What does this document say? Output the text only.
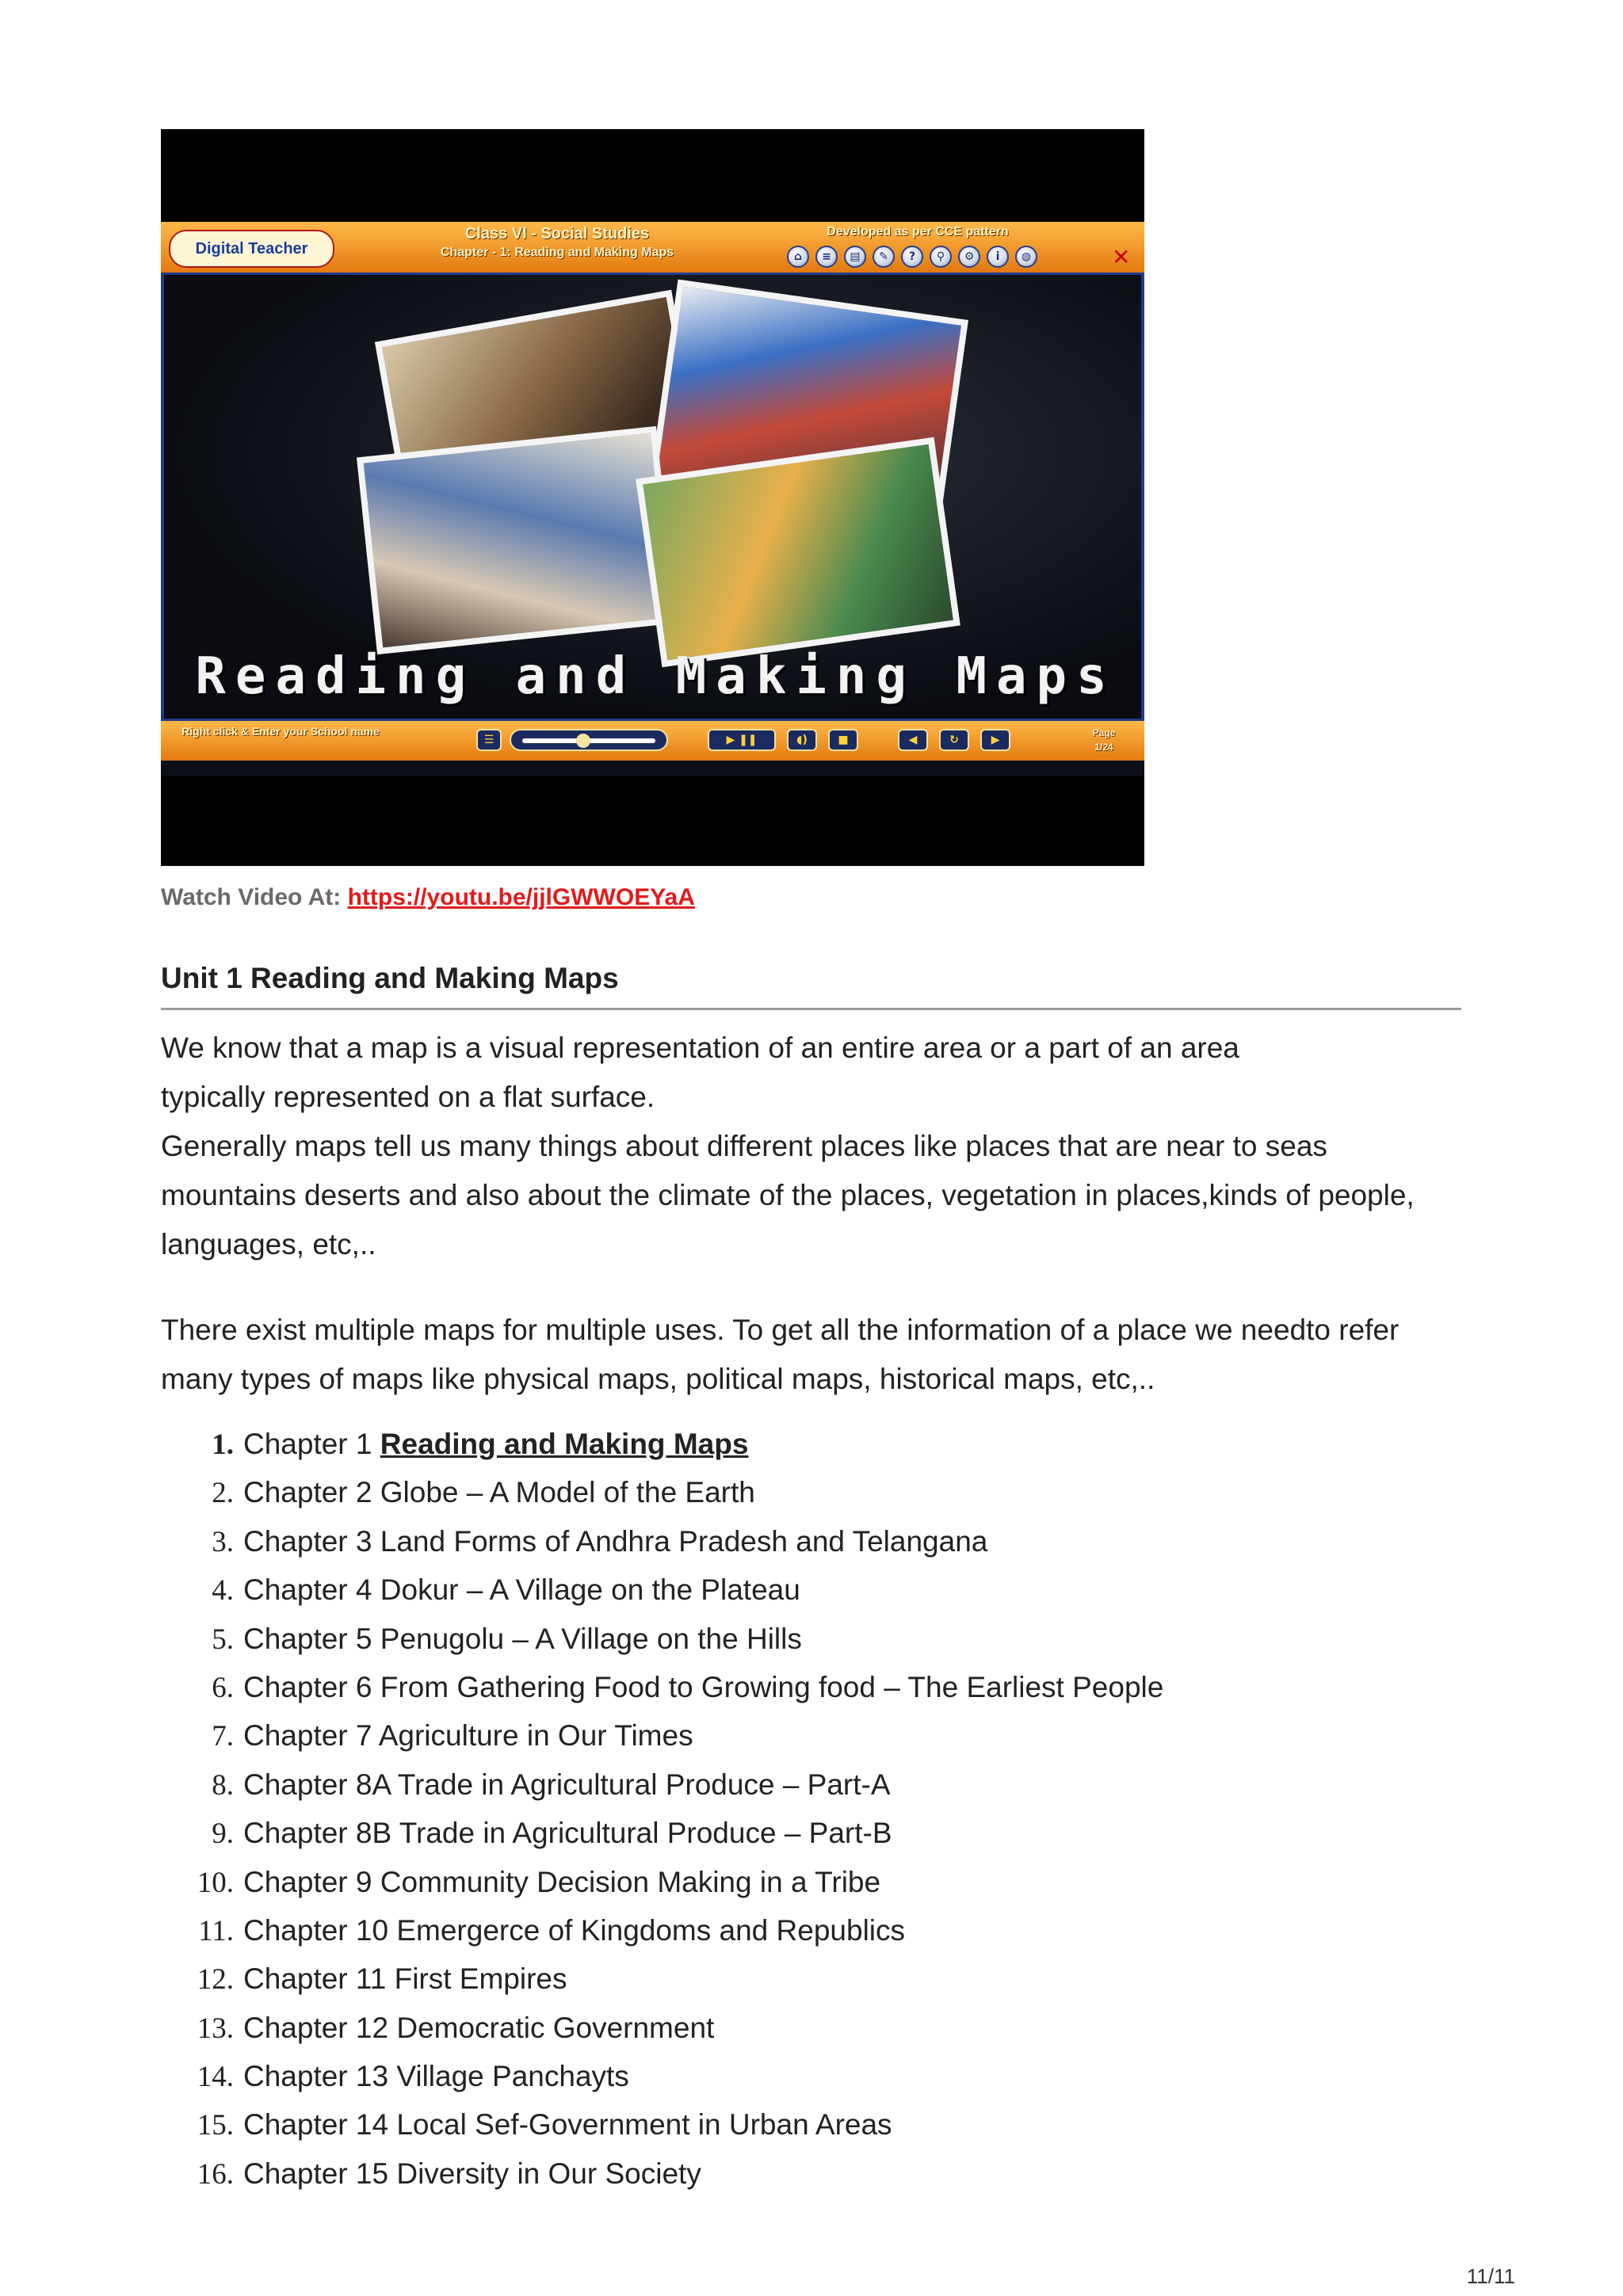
Digital Teacher
Class VI - Social Studies
Chapter - 1: Reading and Making Maps
Developed as per CCE pattern
⌂	≡	▤	✎	?	⚲	⚙	i	◍	✕
Reading and Making Maps
Right click & Enter your School name
☰	▶ ❚❚	◖)	■	◀	↻	▶
Page
1/24
Watch Video At: https://youtu.be/jjlGWWOEYaA
Unit 1 Reading and Making Maps
We know that a map is a visual representation of an entire area or a part of an area typically represented on a flat surface.
Generally maps tell us many things about different places like places that are near to seas mountains deserts and also about the climate of the places, vegetation in places,kinds of people, languages, etc,..
There exist multiple maps for multiple uses. To get all the information of a place we needto refer many types of maps like physical maps, political maps, historical maps, etc,..
1. Chapter 1 Reading and Making Maps
2. Chapter 2 Globe – A Model of the Earth
3. Chapter 3 Land Forms of Andhra Pradesh and Telangana
4. Chapter 4 Dokur – A Village on the Plateau
5. Chapter 5 Penugolu – A Village on the Hills
6. Chapter 6 From Gathering Food to Growing food – The Earliest People
7. Chapter 7 Agriculture in Our Times
8. Chapter 8A Trade in Agricultural Produce – Part-A
9. Chapter 8B Trade in Agricultural Produce – Part-B
10. Chapter 9 Community Decision Making in a Tribe
11. Chapter 10 Emergerce of Kingdoms and Republics
12. Chapter 11 First Empires
13. Chapter 12 Democratic Government
14. Chapter 13 Village Panchayts
15. Chapter 14 Local Sef-Government in Urban Areas
16. Chapter 15 Diversity in Our Society
11/11
